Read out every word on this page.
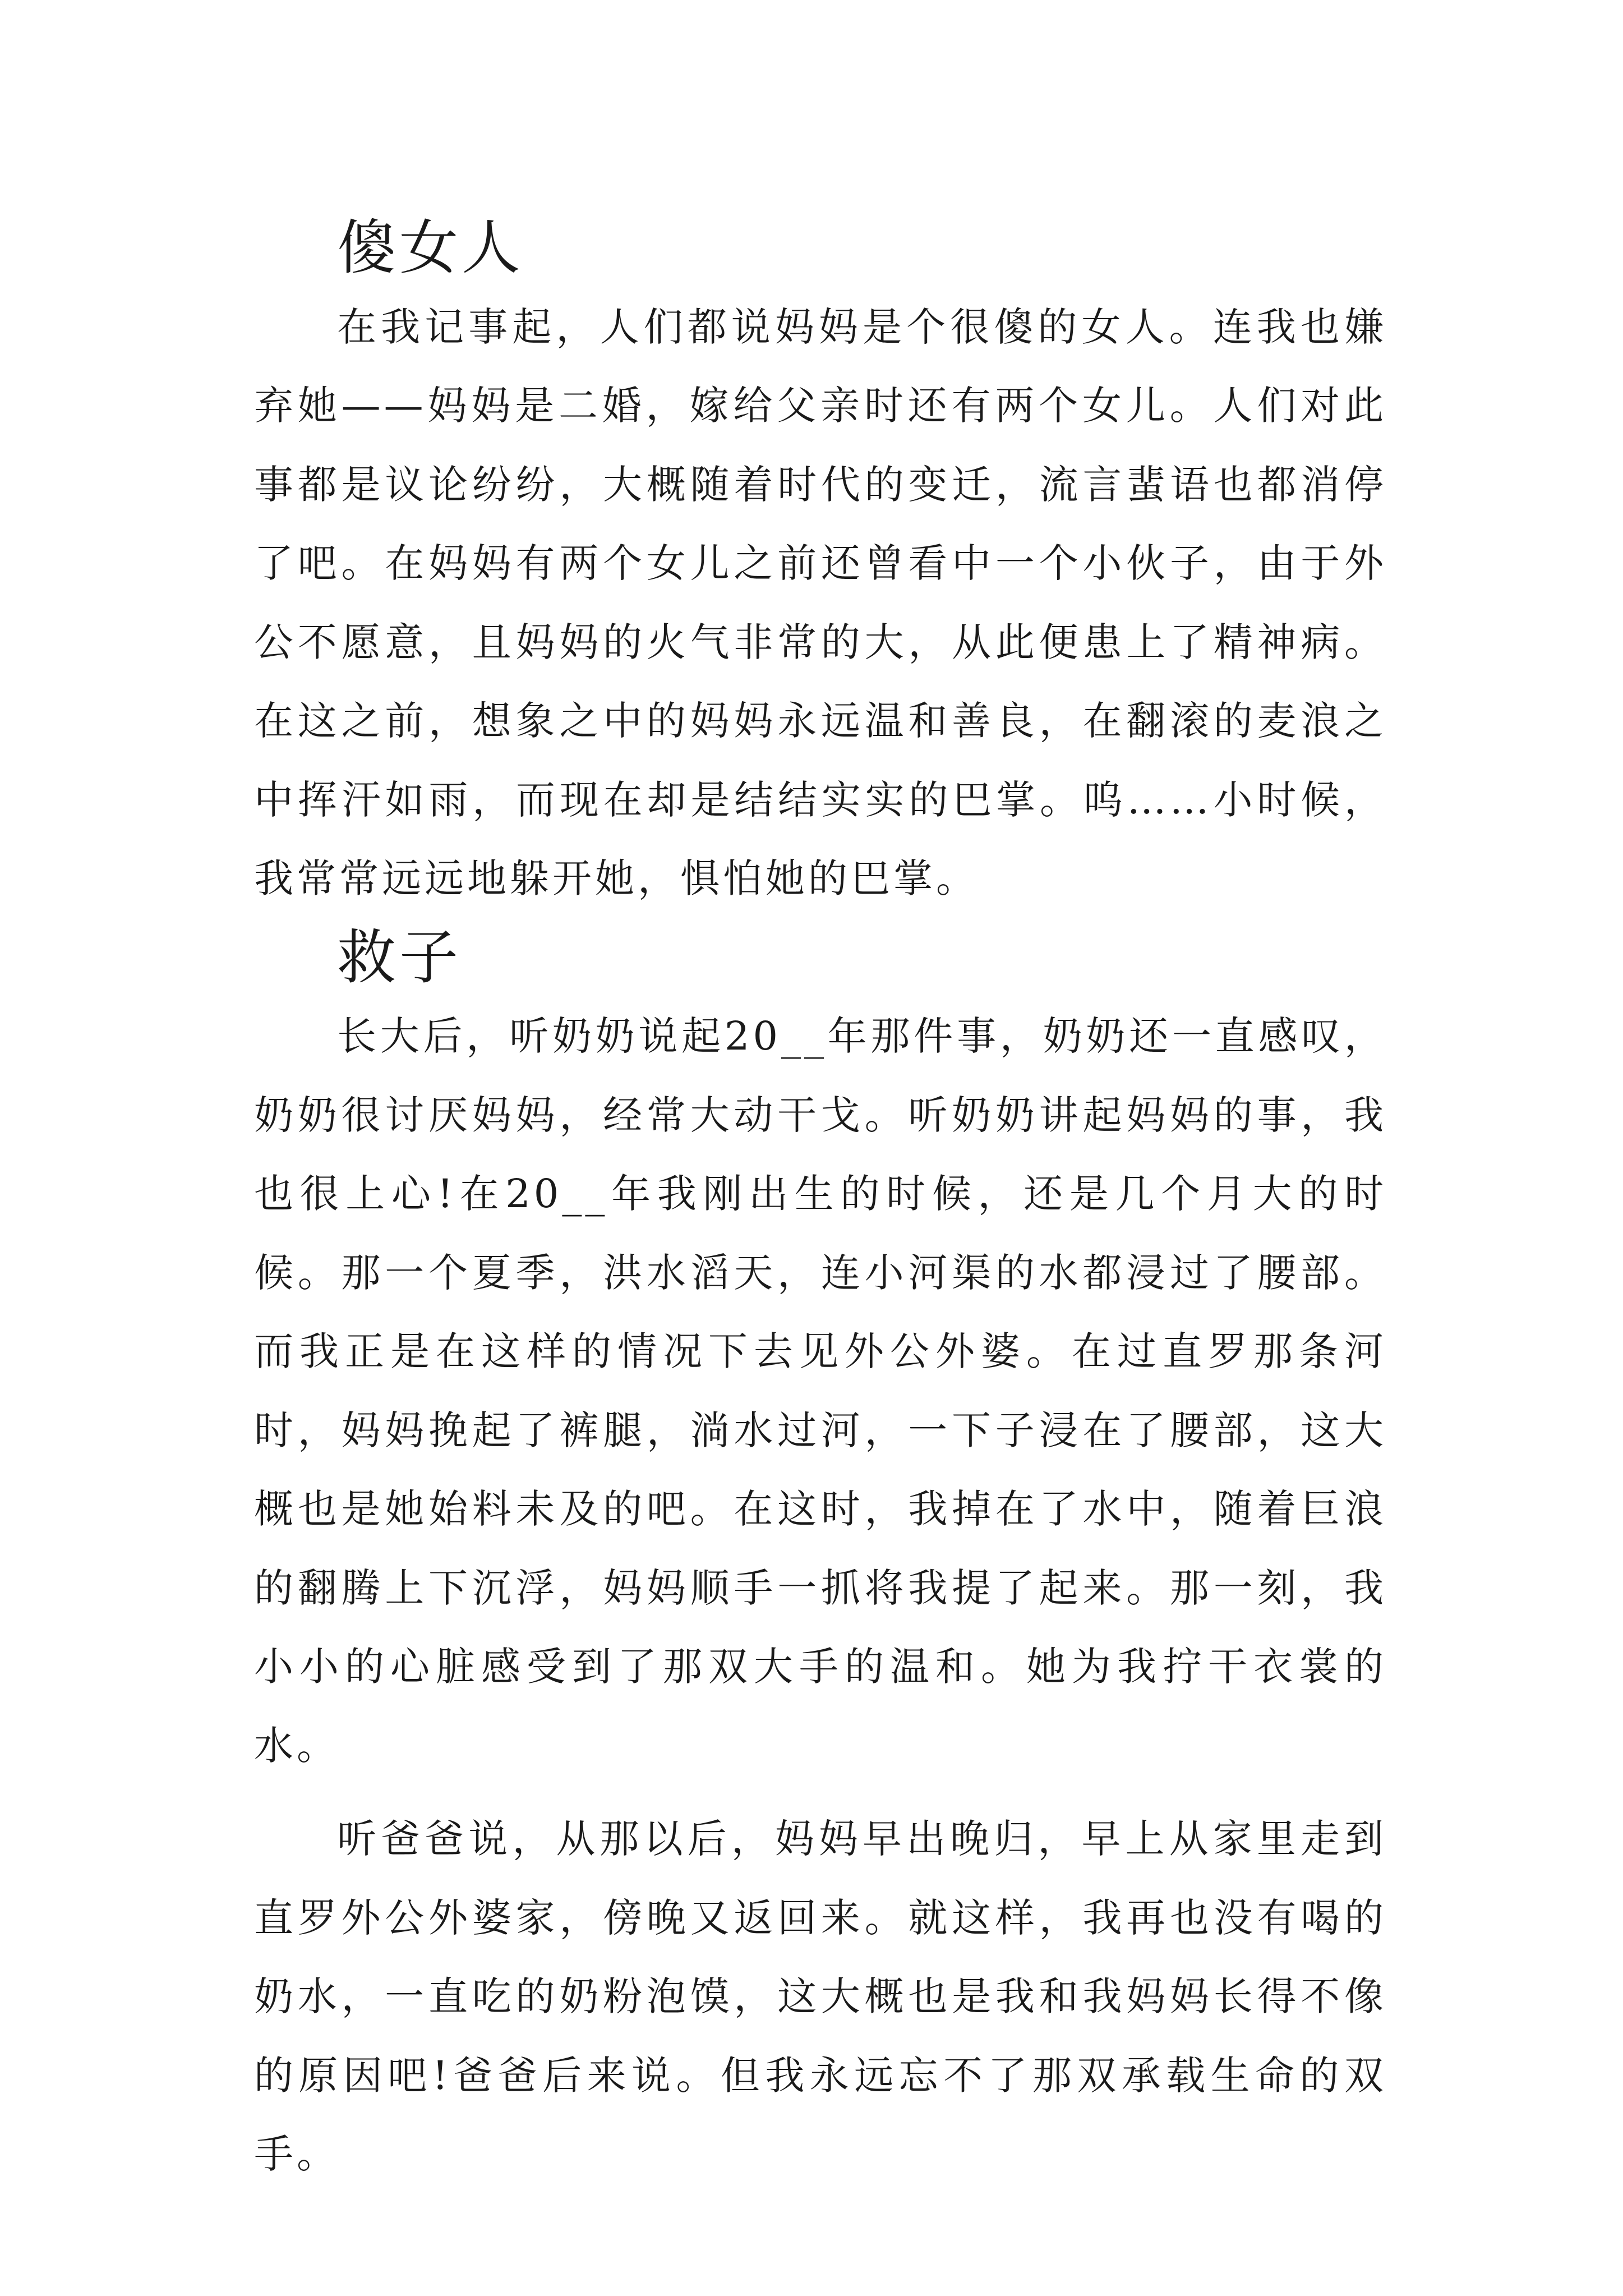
傻女人

在我记事起，人们都说妈妈是个很傻的女人。连我也嫌弃她——妈妈是二婚，嫁给父亲时还有两个女儿。人们对此事都是议论纷纷，大概随着时代的变迁，流言蜚语也都消停了吧。在妈妈有两个女儿之前还曾看中一个小伙子，由于外公不愿意，且妈妈的火气非常的大，从此便患上了精神病。在这之前，想象之中的妈妈永远温和善良，在翻滚的麦浪之中挥汗如雨，而现在却是结结实实的巴掌。呜……小时候，我常常远远地躲开她，惧怕她的巴掌。

救子

长大后，听奶奶说起20__年那件事，奶奶还一直感叹，奶奶很讨厌妈妈，经常大动干戈。听奶奶讲起妈妈的事，我也很上心!在20__年我刚出生的时候，还是几个月大的时候。那一个夏季，洪水滔天，连小河渠的水都浸过了腰部。而我正是在这样的情况下去见外公外婆。在过直罗那条河时，妈妈挽起了裤腿，淌水过河，一下子浸在了腰部，这大概也是她始料未及的吧。在这时，我掉在了水中，随着巨浪的翻腾上下沉浮，妈妈顺手一抓将我提了起来。那一刻，我小小的心脏感受到了那双大手的温和。她为我拧干衣裳的水。

听爸爸说，从那以后，妈妈早出晚归，早上从家里走到直罗外公外婆家，傍晚又返回来。就这样，我再也没有喝的奶水，一直吃的奶粉泡馍，这大概也是我和我妈妈长得不像的原因吧!爸爸后来说。但我永远忘不了那双承载生命的双手。
